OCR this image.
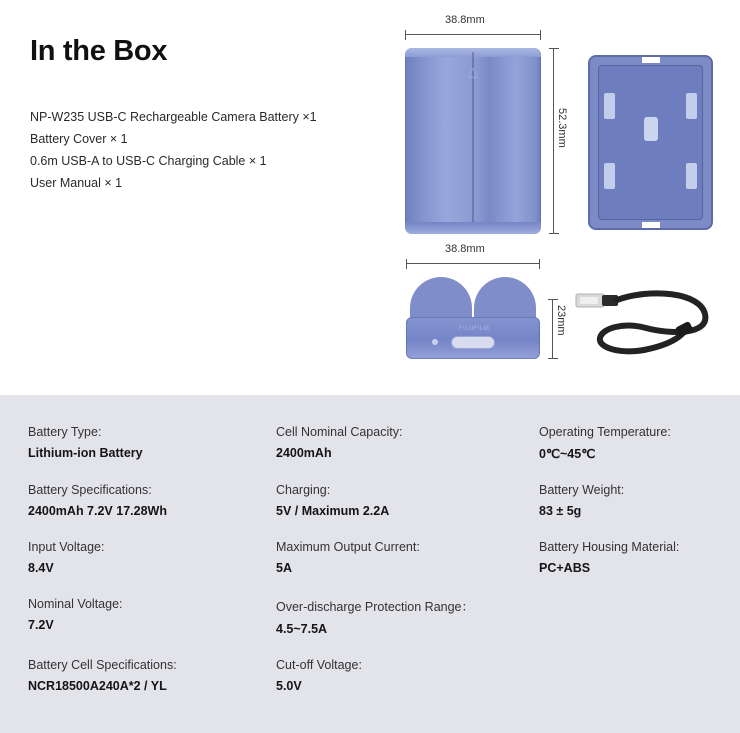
In the Box
NP-W235 USB-C Rechargeable Camera Battery ×1
Battery Cover × 1
0.6m USB-A to USB-C Charging Cable × 1
User Manual × 1
38.8mm
△
52.3mm
38.8mm
FUJIFILM	23mm
Battery Type:
Lithium-ion Battery
Cell Nominal Capacity:
2400mAh
Operating Temperature:
0℃~45℃
Battery Specifications:
2400mAh 7.2V 17.28Wh
Charging:
5V / Maximum 2.2A
Battery Weight:
83 ± 5g
Input Voltage:
8.4V
Maximum Output Current:
5A
Battery Housing Material:
PC+ABS
Nominal Voltage:
7.2V
Over-discharge Protection Range：
4.5~7.5A
Battery Cell Specifications:
NCR18500A240A*2 / YL
Cut-off Voltage:
5.0V
